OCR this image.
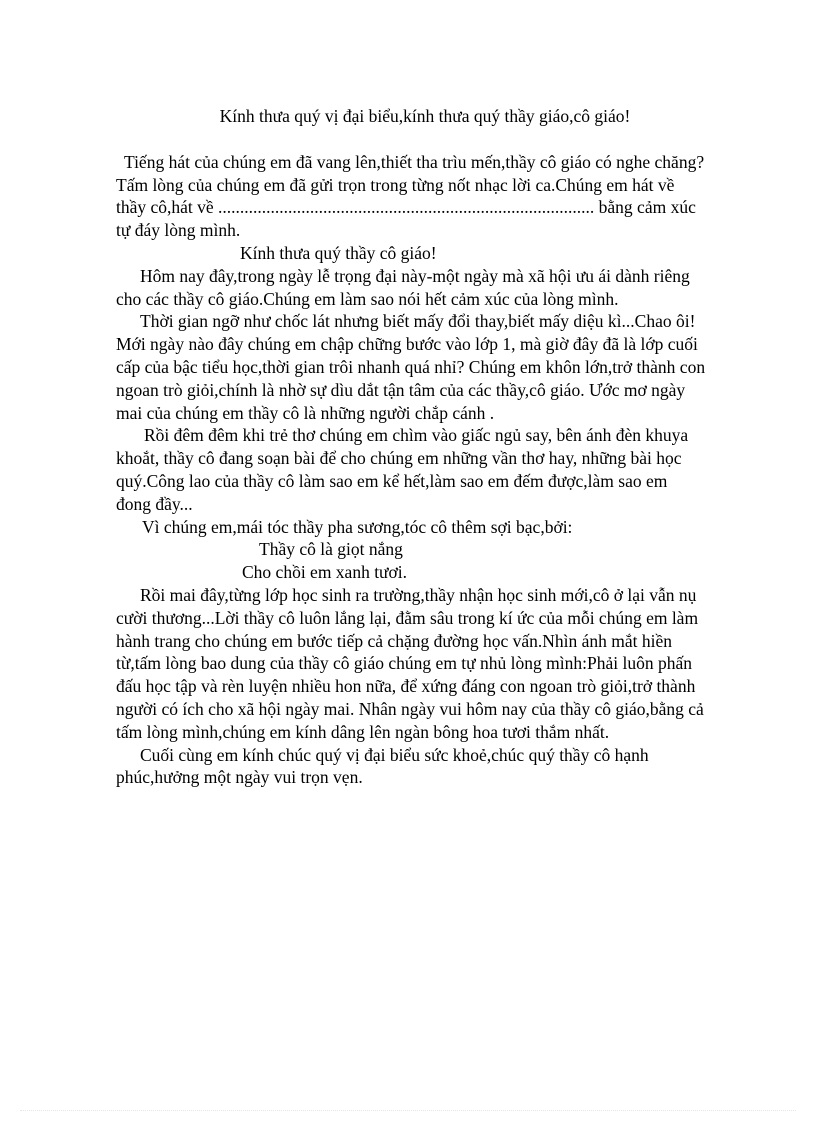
Kính thưa quý vị đại biểu,kính thưa quý thầy giáo,cô giáo!

Tiếng hát của chúng em đã vang lên,thiết tha trìu mến,thầy cô giáo có nghe chăng?Tấm lòng của chúng em đã gửi trọn trong từng nốt nhạc lời ca.Chúng em hát về thầy cô,hát về ...................................................................................... bằng cảm xúc tự đáy lòng mình.

Kính thưa quý thầy cô giáo!

Hôm nay đây,trong ngày lễ trọng đại này-một ngày mà xã hội ưu ái dành riêng cho các thầy cô giáo.Chúng em làm sao nói hết cảm xúc của lòng mình.

Thời gian ngỡ như chốc lát nhưng biết mấy đổi thay,biết mấy diệu kì...Chao ôi! Mới ngày nào đây chúng em chập chững bước vào lớp 1, mà giờ đây đã là lớp cuối cấp của bậc tiểu học,thời gian trôi nhanh quá nhỉ? Chúng em khôn lớn,trở thành con ngoan trò giỏi,chính là nhờ sự dìu dắt tận tâm của các thầy,cô giáo. Ước mơ ngày mai của chúng em thầy cô là những người chắp cánh .

Rồi đêm đêm khi trẻ thơ chúng em chìm vào giấc ngủ say, bên ánh đèn khuya khoắt, thầy cô đang soạn bài để cho chúng em những vần thơ hay, những bài học quý.Công lao của thầy cô làm sao em kể hết,làm sao em đếm được,làm sao em đong đầy...

Vì chúng em,mái tóc thầy pha sương,tóc cô thêm sợi bạc,bởi:

Thầy cô là giọt nắng

Cho chồi em xanh tươi.

Rồi mai đây,từng lớp học sinh ra trường,thầy nhận học sinh mới,cô ở lại vẫn nụ cười thương...Lời thầy cô luôn lắng lại, đằm sâu trong kí ức của mỗi chúng em làm hành trang cho chúng em bước tiếp cả chặng đường học vấn.Nhìn ánh mắt hiền từ,tấm lòng bao dung của thầy cô giáo chúng em tự nhủ lòng mình:Phải luôn phấn đấu học tập và rèn luyện nhiều hon nữa, để xứng đáng con ngoan trò giỏi,trở thành người có ích cho xã hội ngày mai. Nhân ngày vui hôm nay của thầy cô giáo,bằng cả tấm lòng mình,chúng em kính dâng lên ngàn bông hoa tươi thắm nhất.

Cuối cùng em kính chúc quý vị đại biểu sức khoẻ,chúc quý thầy cô hạnh phúc,hưởng một ngày vui trọn vẹn.
